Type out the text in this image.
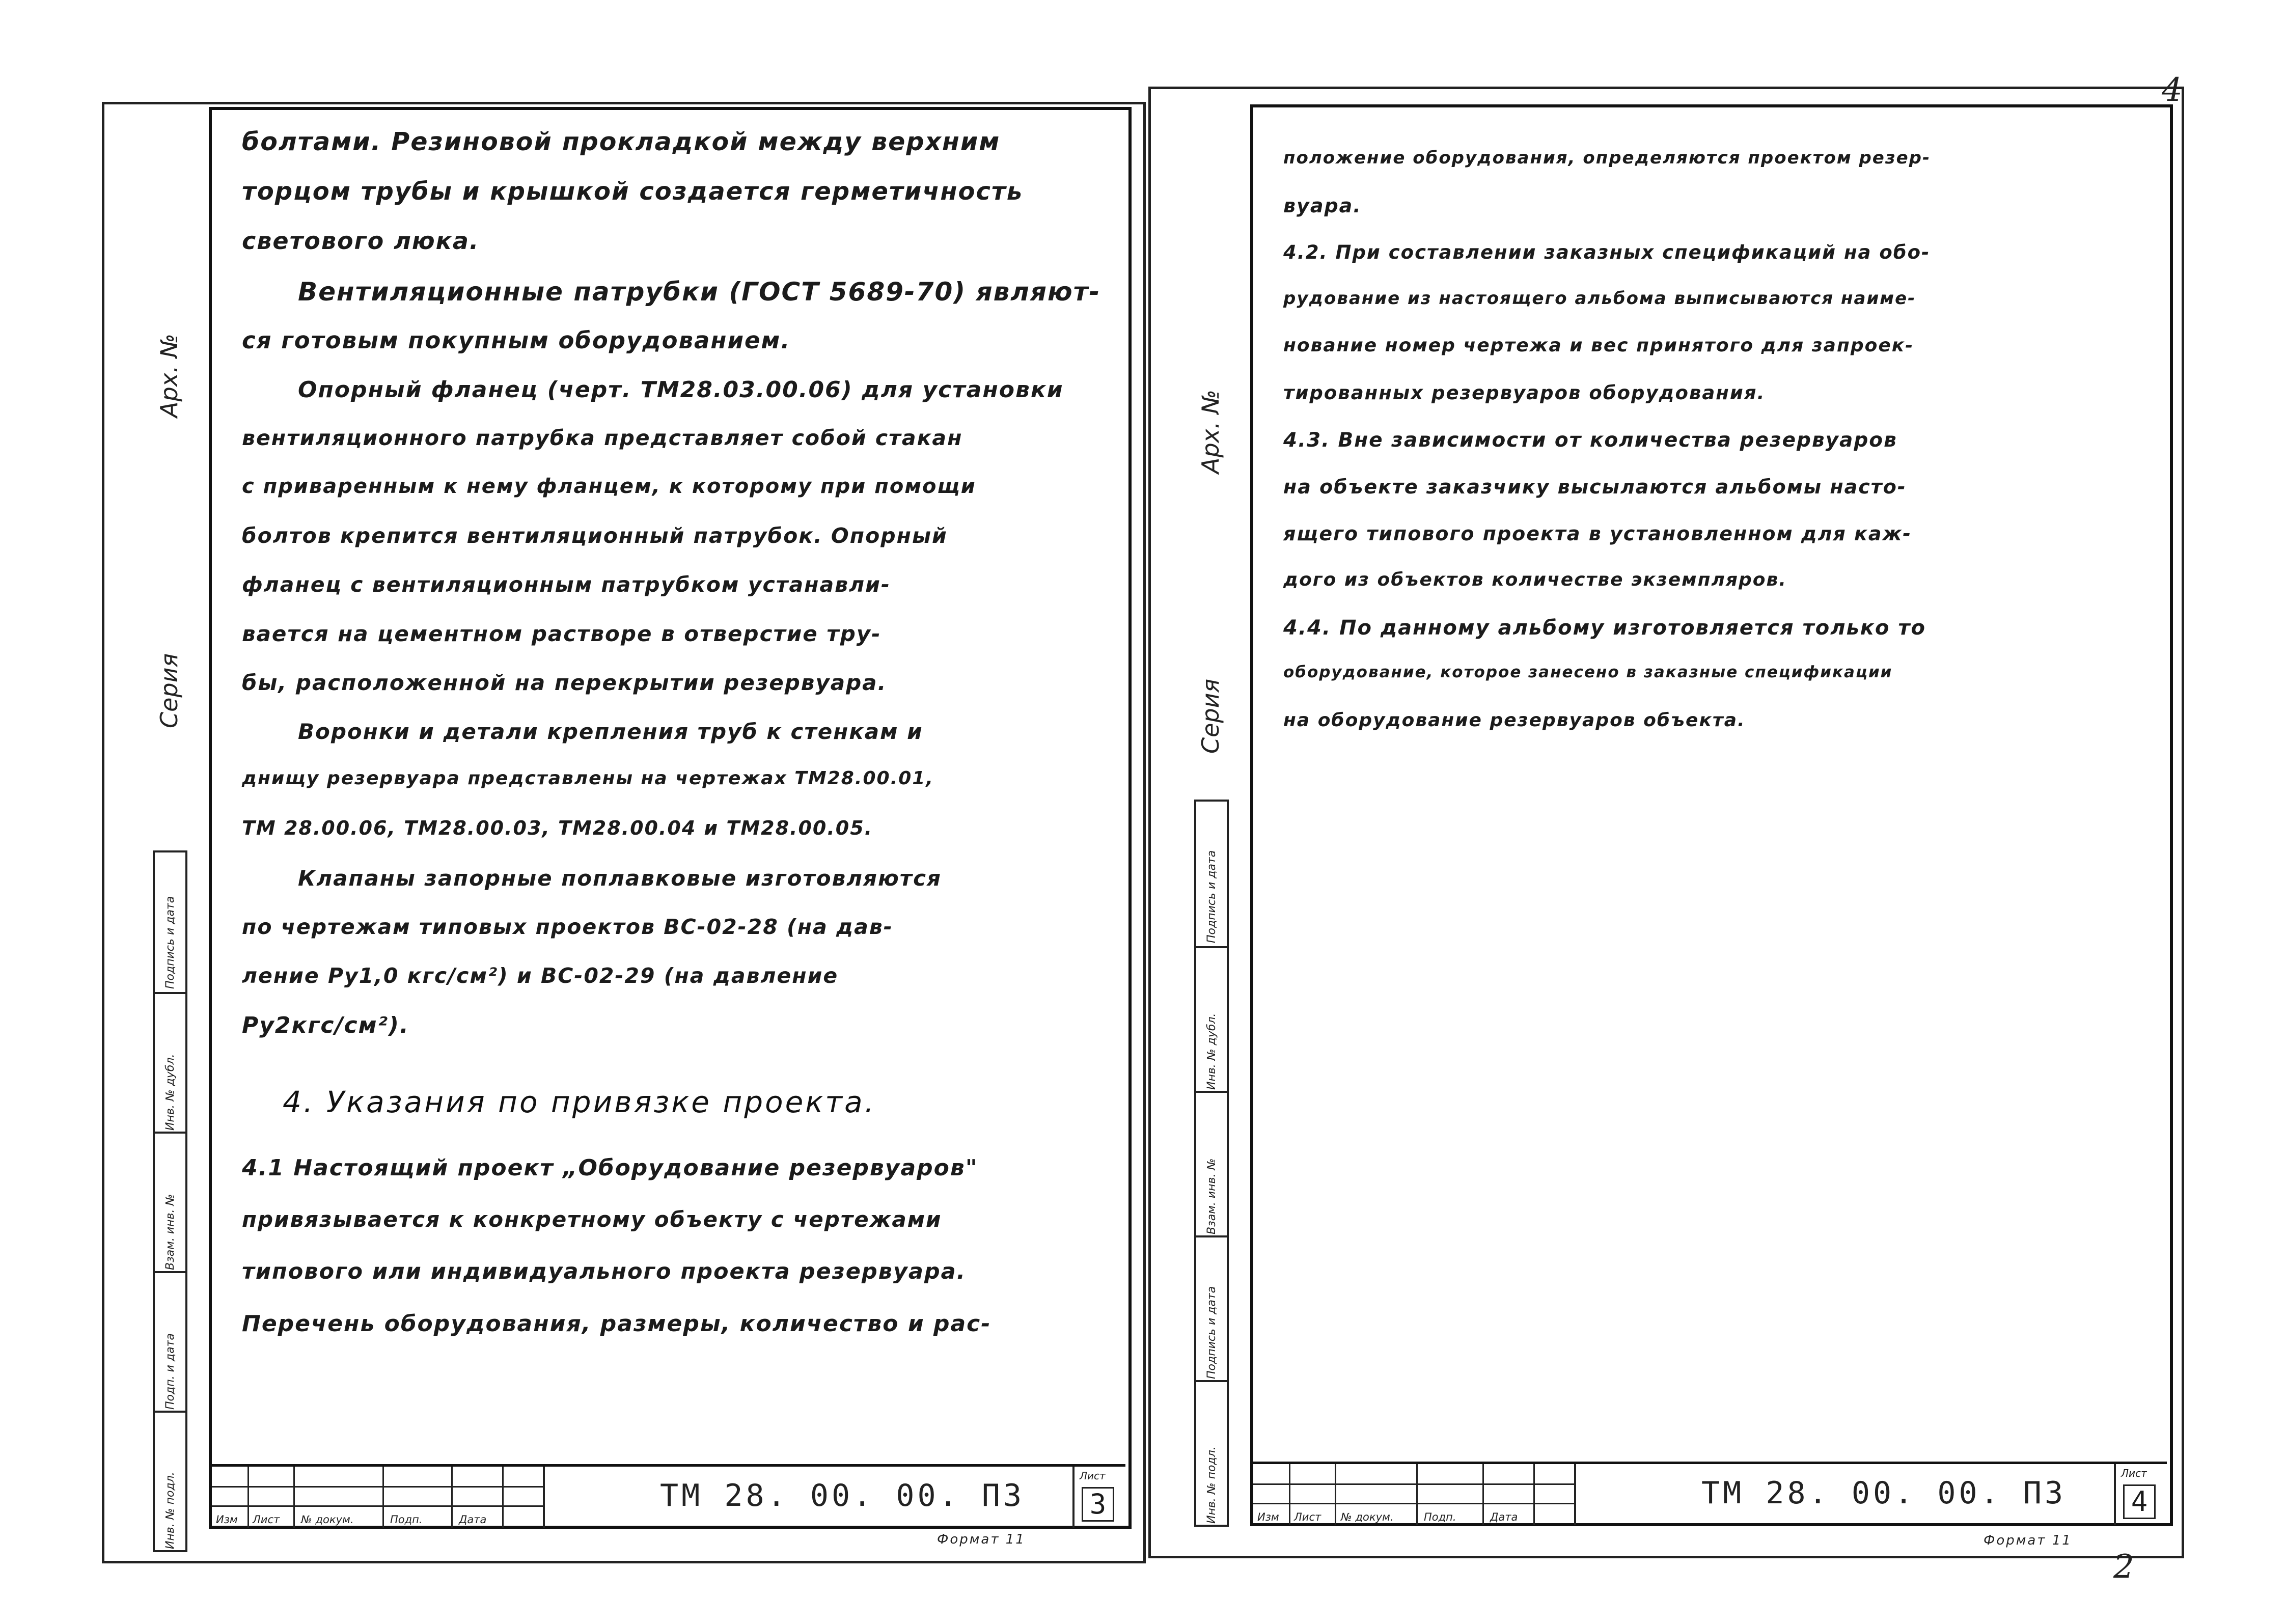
Арх. №
Серия
Подпись и дата
Инв. № дубл.
Взам. инв. №
Подп. и дата
Инв. № подл.
болтами. Резиновой прокладкой между верхним
торцом трубы и крышкой создается герметичность
светового люка.
Вентиляционные патрубки (ГОСТ 5689-70) являют-
ся готовым покупным оборудованием.
Опорный фланец (черт. ТМ28.03.00.06) для установки
вентиляционного патрубка представляет собой стакан
с приваренным к нему фланцем, к которому при помощи
болтов крепится вентиляционный патрубок. Опорный
фланец с вентиляционным патрубком устанавли-
вается на цементном растворе в отверстие тру-
бы, расположенной на перекрытии резервуара.
Воронки и детали крепления труб к стенкам и
днищу резервуара представлены на чертежах ТМ28.00.01,
ТМ 28.00.06, ТМ28.00.03, ТМ28.00.04 и ТМ28.00.05.
Клапаны запорные поплавковые изготовляются
по чертежам типовых проектов ВС-02-28 (на дав-
ление Ру1,0 кгс/см²) и ВС-02-29 (на давление
Ру2кгс/см²).
4. Указания по привязке проекта.
4.1 Настоящий проект „Оборудование резервуаров"
привязывается к конкретному объекту с чертежами
типового или индивидуального проекта резервуара.
Перечень оборудования, размеры, количество и рас-
Изм Лист № докум.	Подп.	Дата
ТМ 28. 00. 00. ПЗ
Лист
3
Формат 11
Арх. №
Серия
Подпись и дата
Инв. № дубл.
Взам. инв. №
Подпись и дата
Инв. № подл.
положение оборудования, определяются проектом резер-
вуара.
4.2. При составлении заказных спецификаций на обо-
рудование из настоящего альбома выписываются наиме-
нование номер чертежа и вес принятого для запроек-
тированных резервуаров оборудования.
4.3. Вне зависимости от количества резервуаров
на объекте заказчику высылаются альбомы насто-
ящего типового проекта в установленном для каж-
дого из объектов количестве экземпляров.
4.4. По данному альбому изготовляется только то
оборудование, которое занесено в заказные спецификации
на оборудование резервуаров объекта.
Изм Лист № докум.	Подп.	Дата
ТМ 28. 00. 00. ПЗ
Лист
4
Формат 11
4
2
